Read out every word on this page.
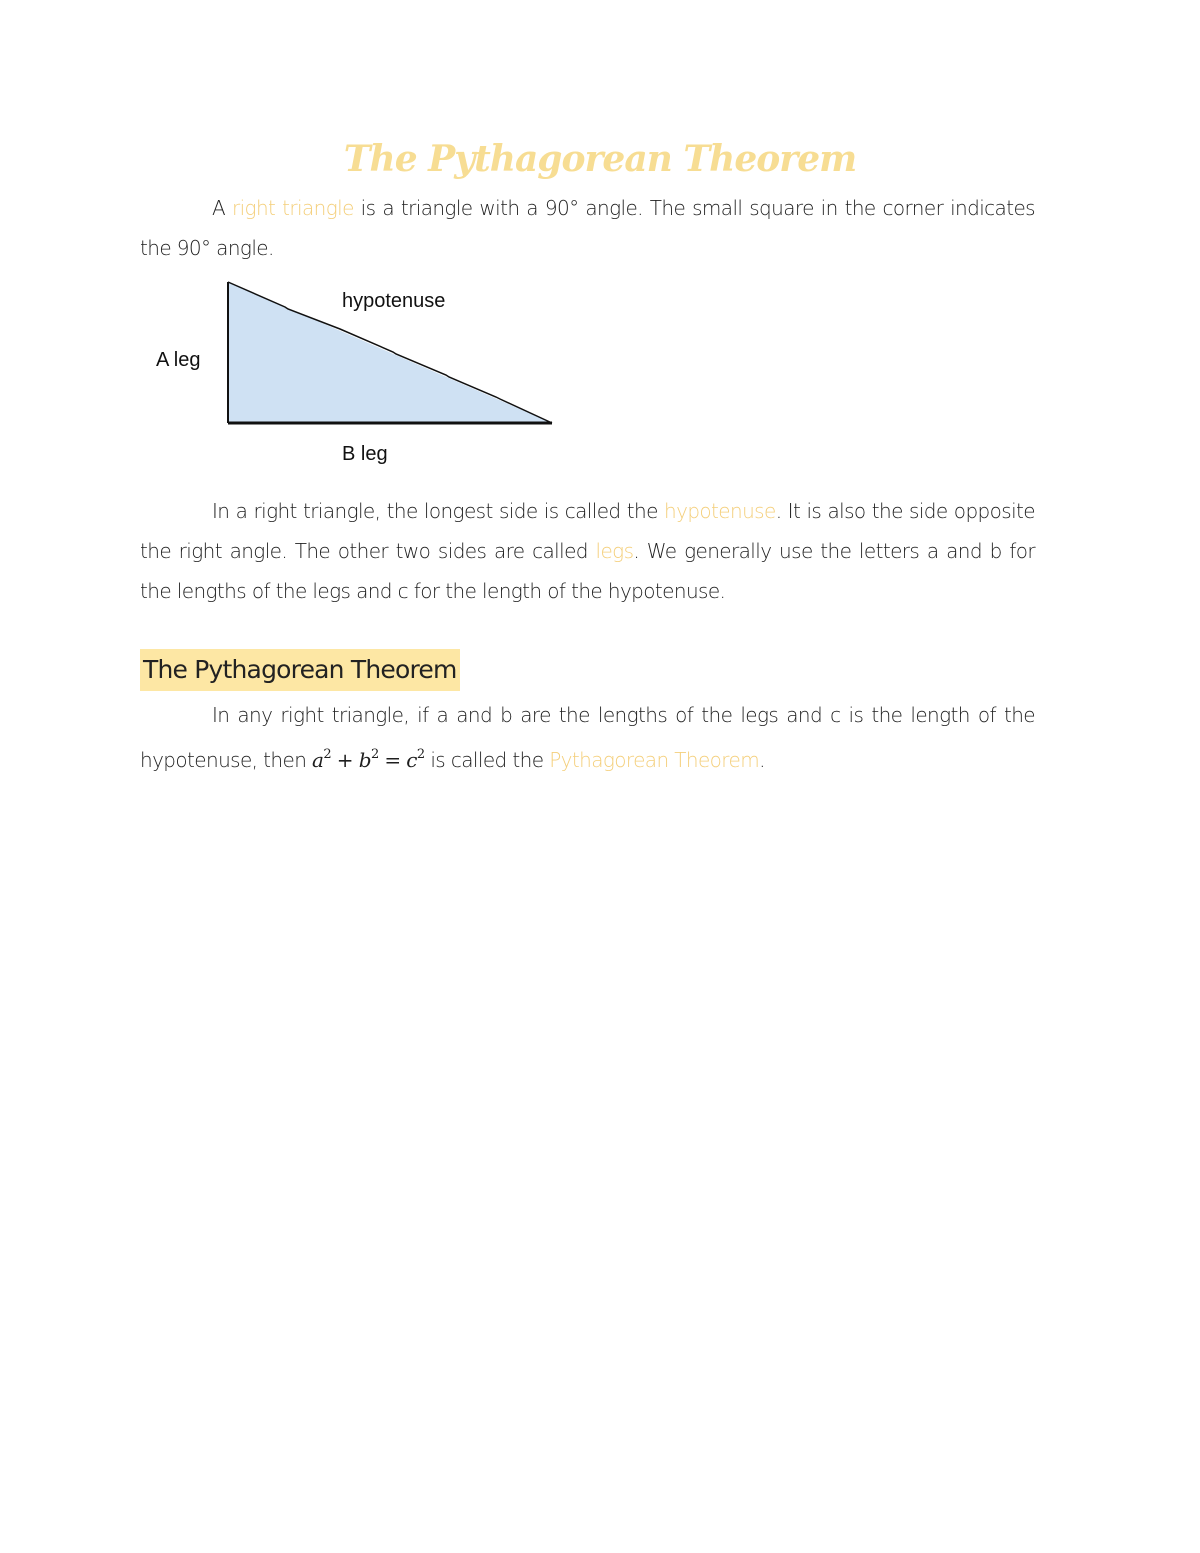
The Pythagorean Theorem
A right triangle is a triangle with a 90° angle. The small square in the corner indicates the 90° angle.
hypotenuse
A leg
B leg
In a right triangle, the longest side is called the hypotenuse. It is also the side opposite the right angle. The other two sides are called legs. We generally use the letters a and b for the lengths of the legs and c for the length of the hypotenuse.
The Pythagorean Theorem
In any right triangle, if a and b are the lengths of the legs and c is the length of the hypotenuse, then $a^2 + b^2 = c^2$ is called the Pythagorean Theorem.
